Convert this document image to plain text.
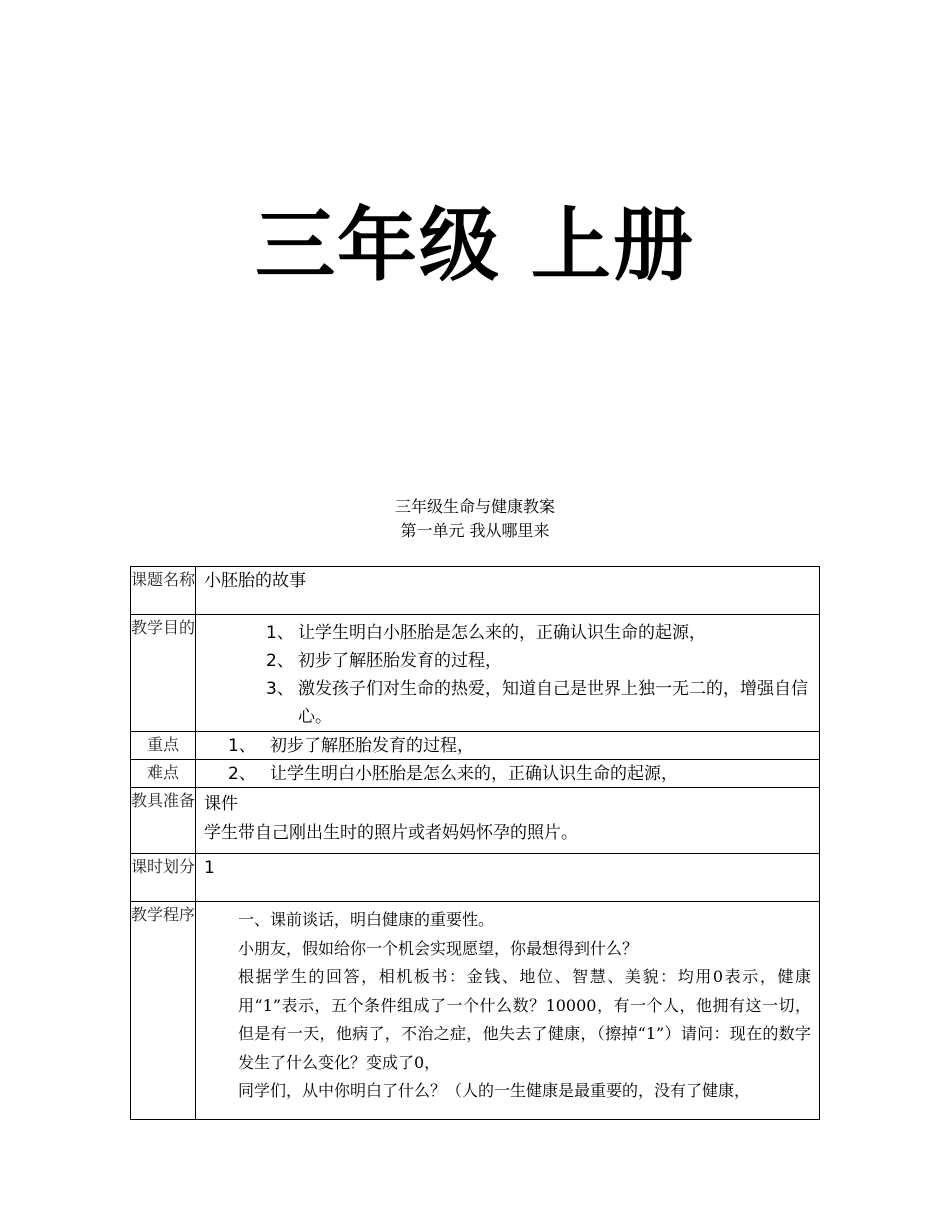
三年级 上册
三年级生命与健康教案
第一单元 我从哪里来
课题名称	小胚胎的故事
教学目的	1、 让学生明白小胚胎是怎么来的，正确认识生命的起源，
2、 初步了解胚胎发育的过程，
3、 激发孩子们对生命的热爱，知道自己是世界上独一无二的，增强自信心。

重点	1、 初步了解胚胎发育的过程，
难点	2、 让学生明白小胚胎是怎么来的，正确认识生命的起源，
教具准备	课件
学生带自己刚出生时的照片或者妈妈怀孕的照片。

课时划分	1
教学程序	一、课前谈话，明白健康的重要性。

小朋友，假如给你一个机会实现愿望，你最想得到什么？

根据学生的回答，相机板书：金钱、地位、智慧、美貌：均用0表示，健康用“1”表示，五个条件组成了一个什么数？10000，有一个人，他拥有这一切，但是有一天，他病了，不治之症，他失去了健康，（擦掉“1”）请问：现在的数字发生了什么变化？变成了0，

同学们，从中你明白了什么？（人的一生健康是最重要的，没有了健康，
